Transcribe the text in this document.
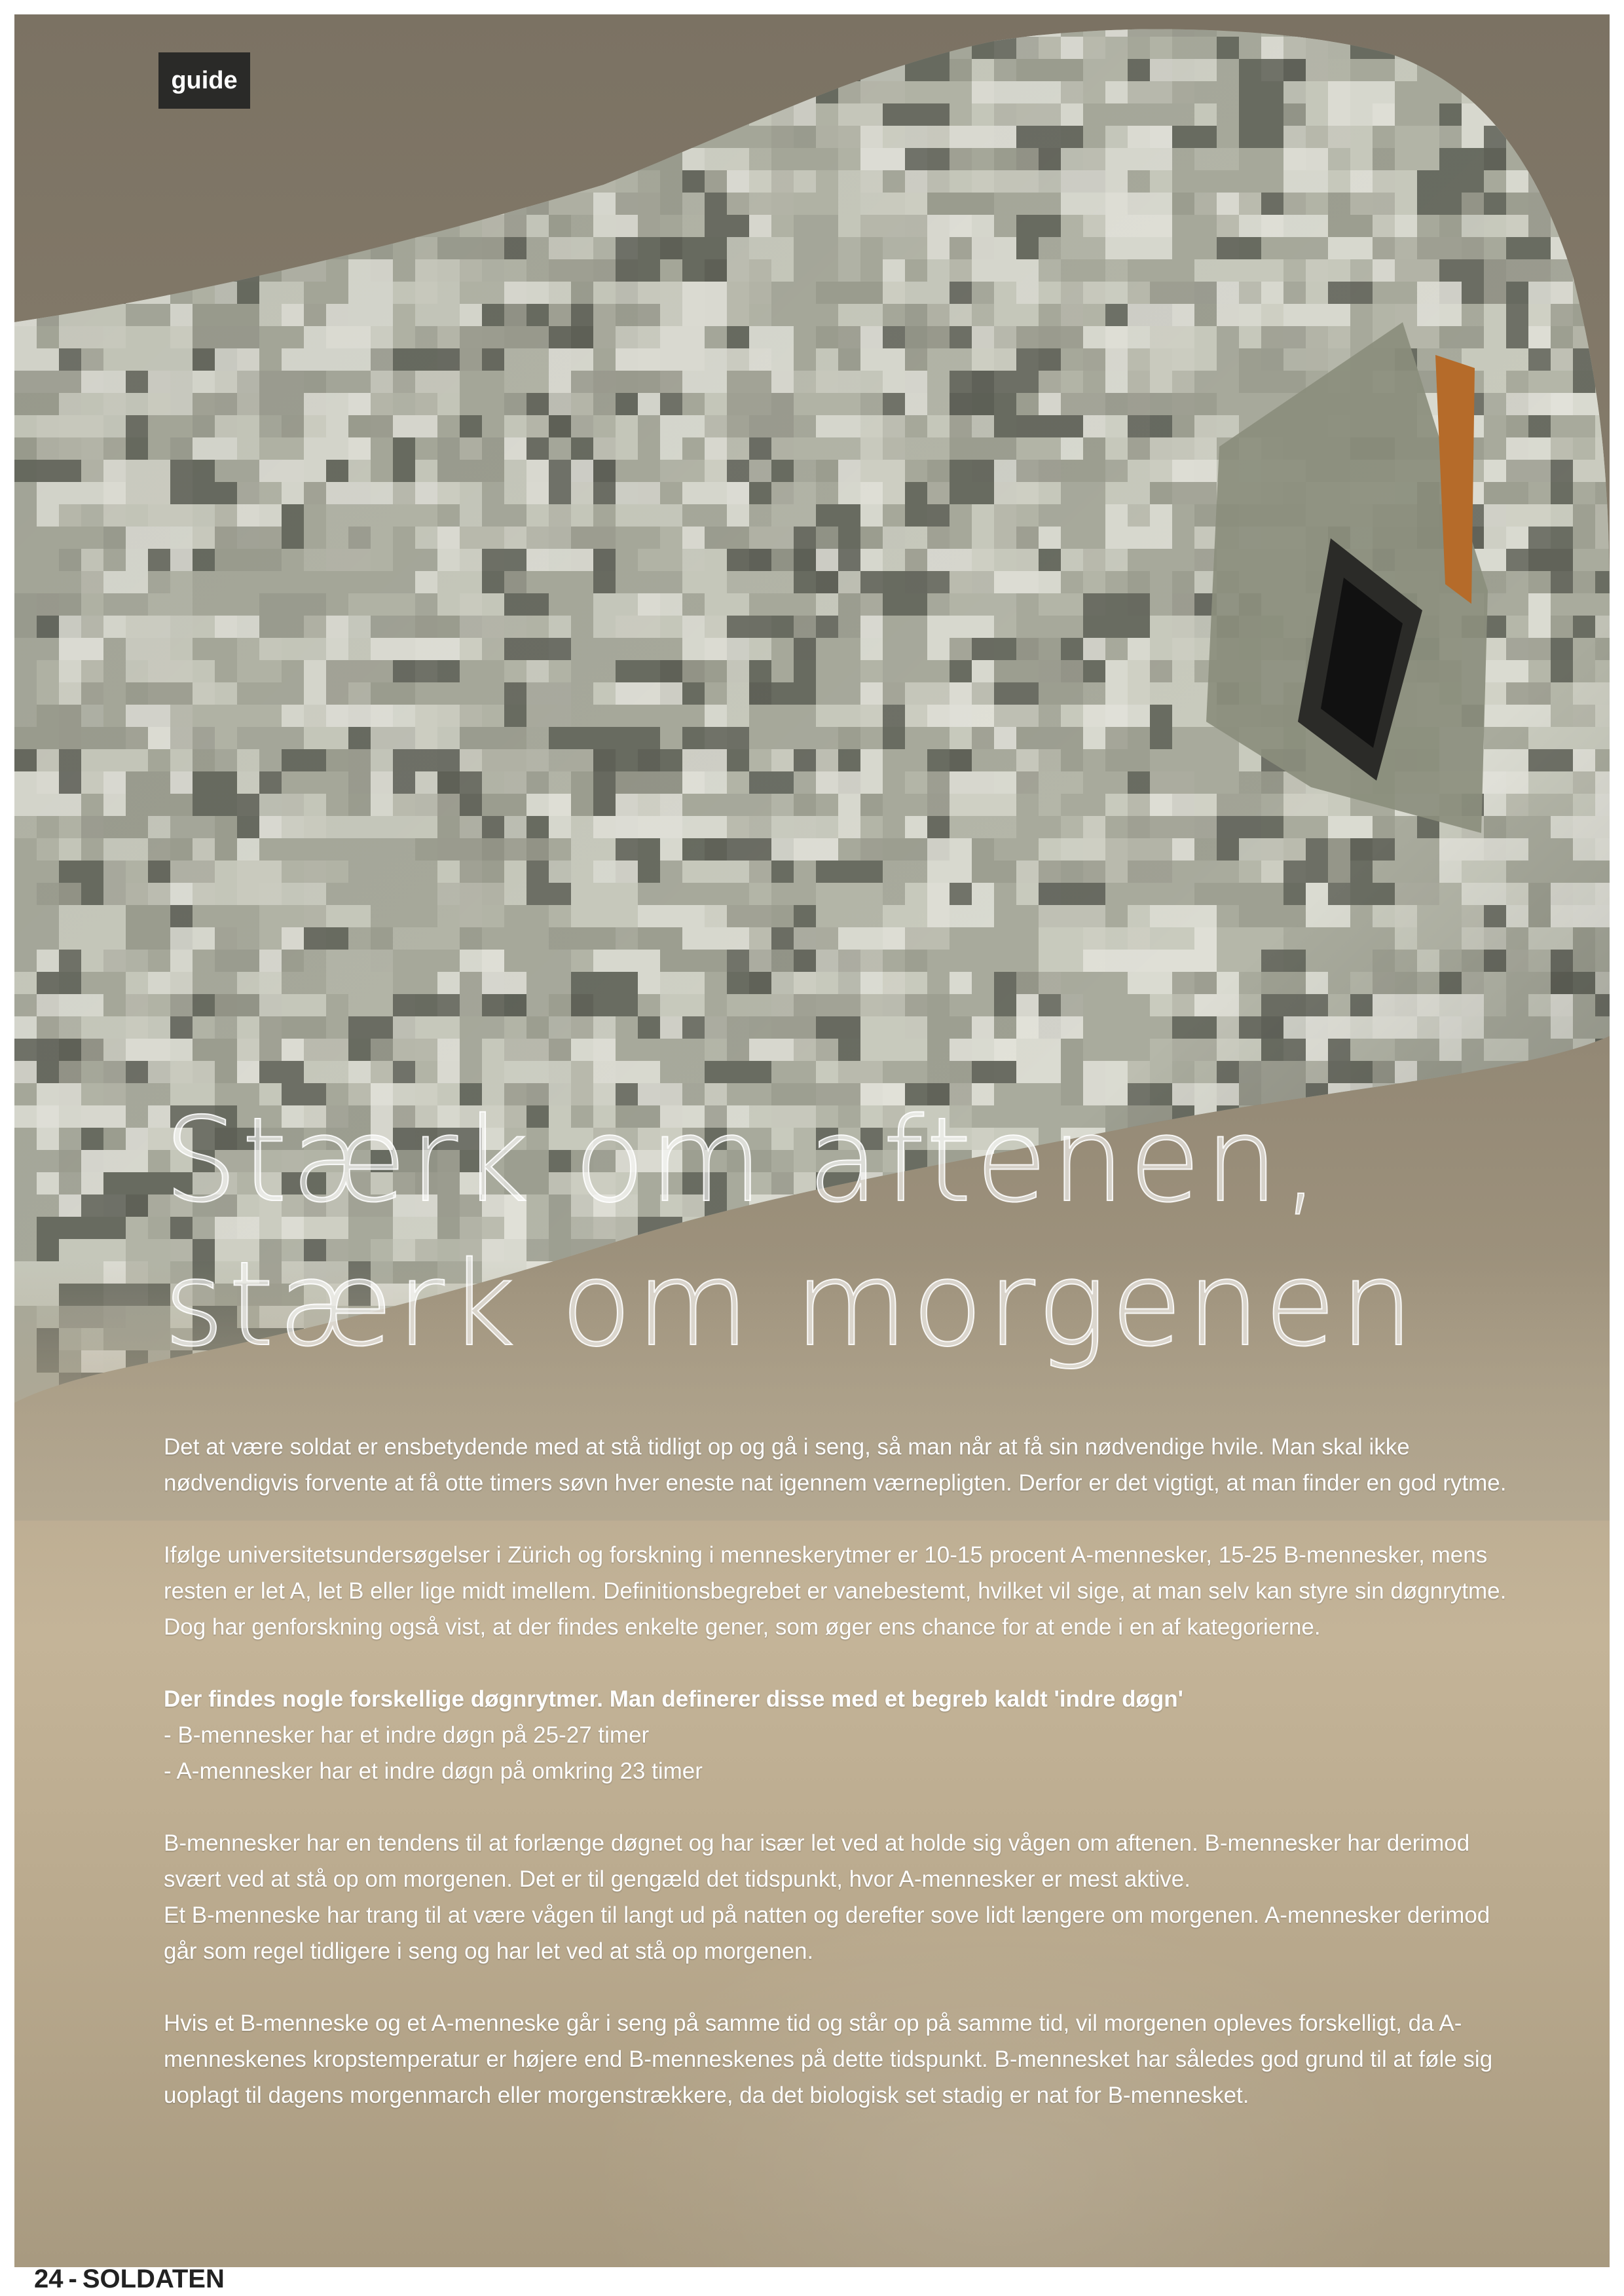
guide
Stærk om aftenen,
stærk om morgenen

Det at være soldat er ensbetydende med at stå tidligt op og gå i seng, så man når at få sin nødvendige hvile. Man skal ikke nødvendigvis forvente at få otte timers søvn hver eneste nat igennem værnepligten. Derfor er det vigtigt, at man finder en god rytme.

Ifølge universitetsundersøgelser i Zürich og forskning i menneskerytmer er 10-15 procent A-mennesker, 15-25 B-mennesker, mens resten er let A, let B eller lige midt imellem. Definitionsbegrebet er vanebestemt, hvilket vil sige, at man selv kan styre sin døgnrytme. Dog har genforskning også vist, at der findes enkelte gener, som øger ens chance for at ende i en af kategorierne.

Der findes nogle forskellige døgnrytmer. Man definerer disse med et begreb kaldt 'indre døgn'

- B-mennesker har et indre døgn på 25-27 timer
- A-mennesker har et indre døgn på omkring 23 timer

B-mennesker har en tendens til at forlænge døgnet og har især let ved at holde sig vågen om aftenen. B-mennesker har derimod svært ved at stå op om morgenen. Det er til gengæld det tidspunkt, hvor A-mennesker er mest aktive.
Et B-menneske har trang til at være vågen til langt ud på natten og derefter sove lidt længere om morgenen. A-mennesker derimod går som regel tidligere i seng og har let ved at stå op morgenen.

Hvis et B-menneske og et A-menneske går i seng på samme tid og står op på samme tid, vil morgenen opleves forskelligt, da A-menneskenes kropstemperatur er højere end B-menneskenes på dette tidspunkt. B-mennesket har således god grund til at føle sig uoplagt til dagens morgenmarch eller morgenstrækkere, da det biologisk set stadig er nat for B-mennesket.

24 - SOLDATEN
